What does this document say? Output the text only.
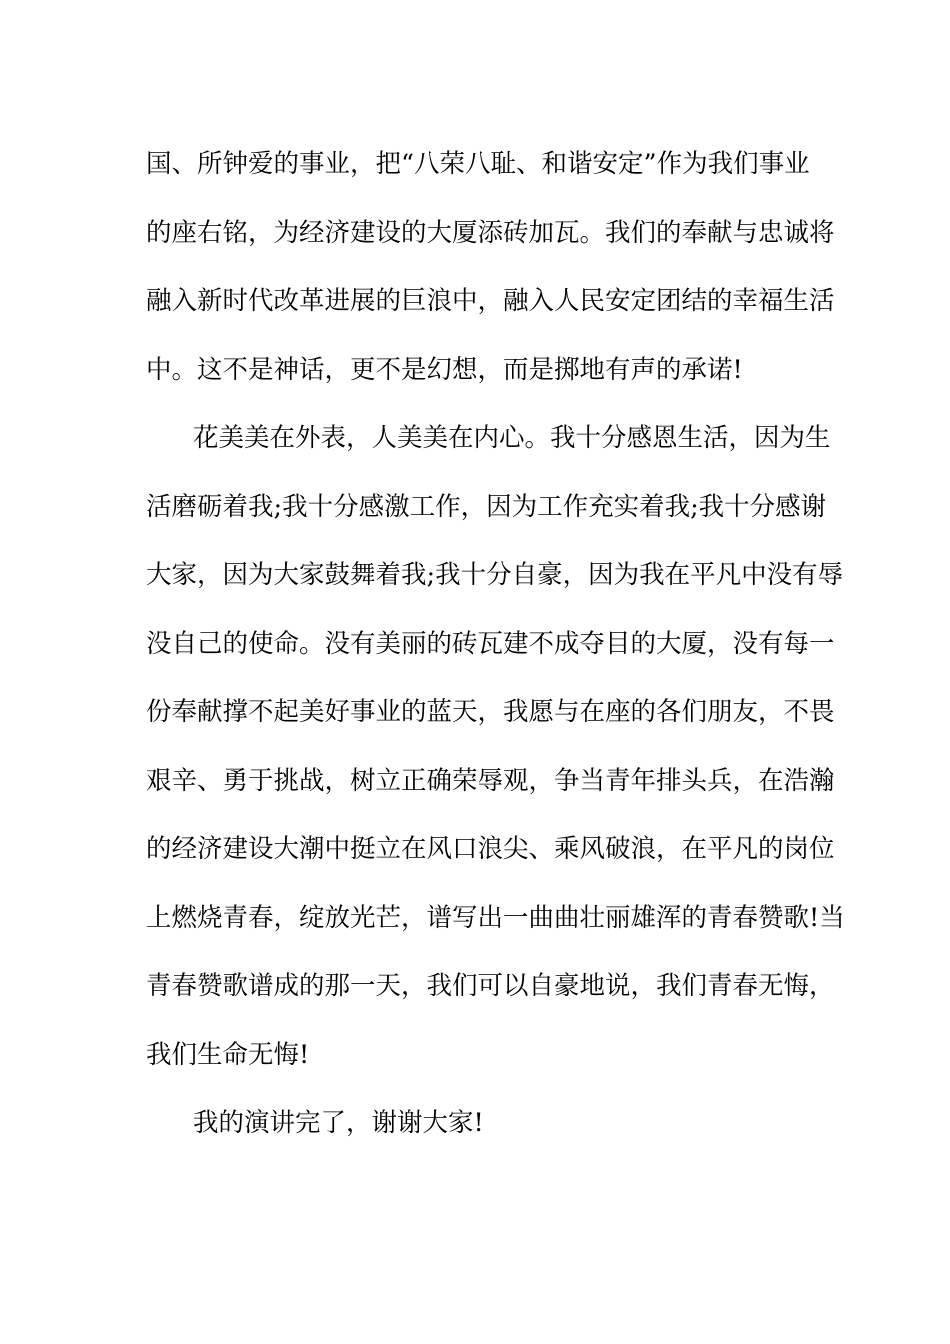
国、所钟爱的事业，把“八荣八耻、和谐安定”作为我们事业
的座右铭，为经济建设的大厦添砖加瓦。我们的奉献与忠诚将
融入新时代改革进展的巨浪中，融入人民安定团结的幸福生活
中。这不是神话，更不是幻想，而是掷地有声的承诺!
花美美在外表，人美美在内心。我十分感恩生活，因为生
活磨砺着我;我十分感激工作，因为工作充实着我;我十分感谢
大家，因为大家鼓舞着我;我十分自豪，因为我在平凡中没有辱
没自己的使命。没有美丽的砖瓦建不成夺目的大厦，没有每一
份奉献撑不起美好事业的蓝天，我愿与在座的各们朋友，不畏
艰辛、勇于挑战，树立正确荣辱观，争当青年排头兵，在浩瀚
的经济建设大潮中挺立在风口浪尖、乘风破浪，在平凡的岗位
上燃烧青春，绽放光芒，谱写出一曲曲壮丽雄浑的青春赞歌!当
青春赞歌谱成的那一天，我们可以自豪地说，我们青春无悔，
我们生命无悔!
我的演讲完了，谢谢大家!
